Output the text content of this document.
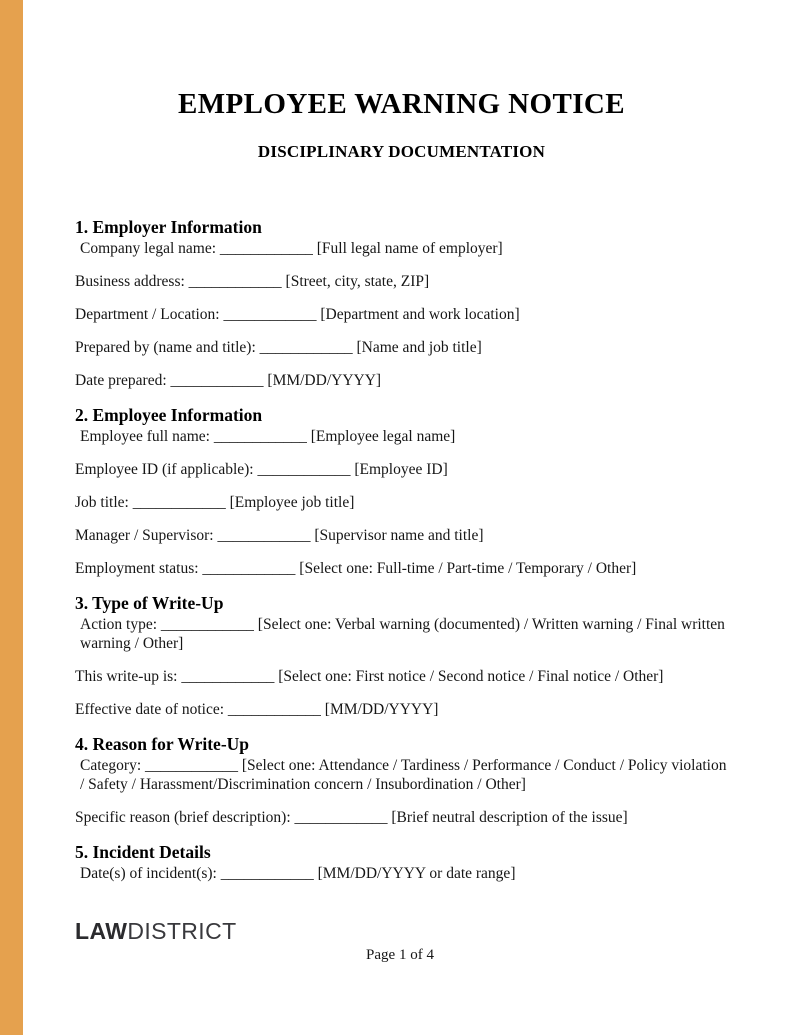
EMPLOYEE WARNING NOTICE
DISCIPLINARY DOCUMENTATION
1. Employer Information

Company legal name: ____________ [Full legal name of employer]

Business address: ____________ [Street, city, state, ZIP]

Department / Location: ____________ [Department and work location]

Prepared by (name and title): ____________ [Name and job title]

Date prepared: ____________ [MM/DD/YYYY]

2. Employee Information

Employee full name: ____________ [Employee legal name]

Employee ID (if applicable): ____________ [Employee ID]

Job title: ____________ [Employee job title]

Manager / Supervisor: ____________ [Supervisor name and title]

Employment status: ____________ [Select one: Full-time / Part-time / Temporary / Other]

3. Type of Write-Up

Action type: ____________ [Select one: Verbal warning (documented) / Written warning / Final written warning / Other]

This write-up is: ____________ [Select one: First notice / Second notice / Final notice / Other]

Effective date of notice: ____________ [MM/DD/YYYY]

4. Reason for Write-Up

Category: ____________ [Select one: Attendance / Tardiness / Performance / Conduct / Policy violation / Safety / Harassment/Discrimination concern / Insubordination / Other]

Specific reason (brief description): ____________ [Brief neutral description of the issue]

5. Incident Details

Date(s) of incident(s): ____________ [MM/DD/YYYY or date range]

LAWDISTRICT
Page 1 of 4
